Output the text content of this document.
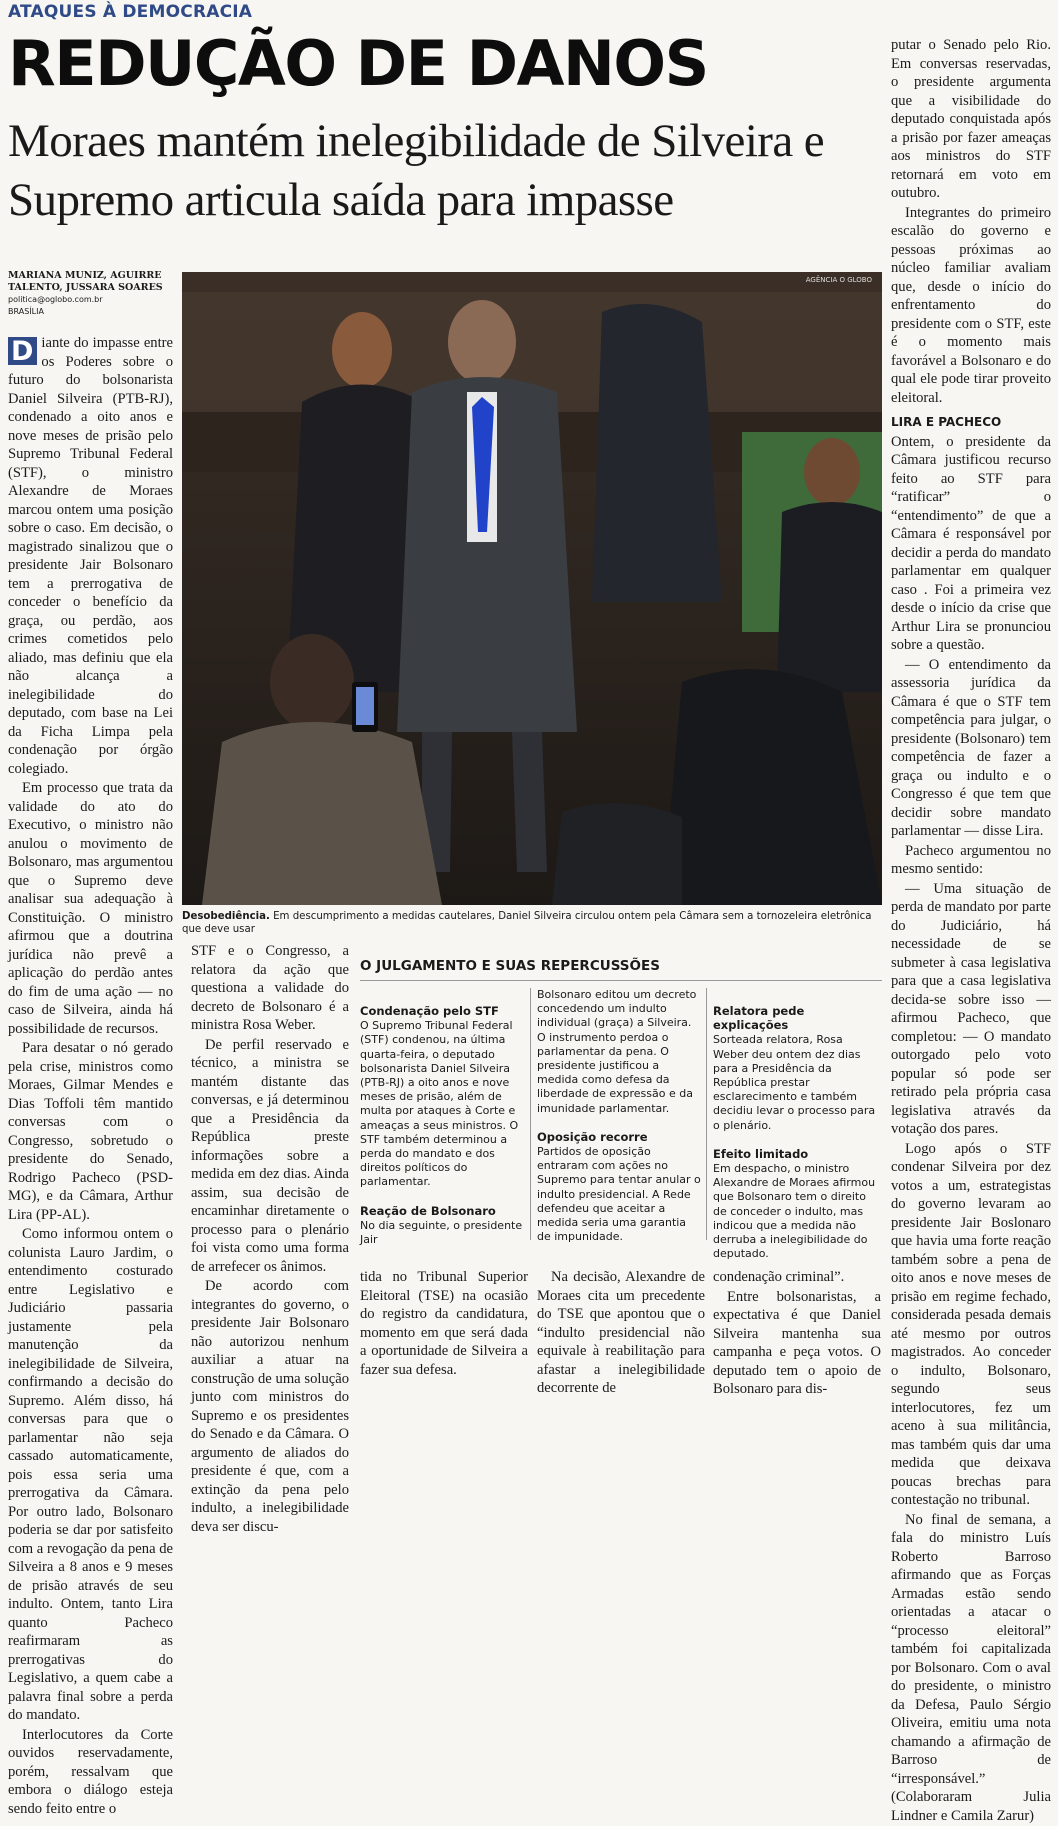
ATAQUES À DEMOCRACIA
REDUÇÃO DE DANOS
Moraes mantém inelegibilidade de Silveira e Supremo articula saída para impasse
MARIANA MUNIZ, AGUIRRE TALENTO, JUSSARA SOARES
politica@oglobo.com.br
BRASÍLIA

D iante do impasse entre os Poderes sobre o futuro do bolsonarista Daniel Silveira (PTB-RJ), condenado a oito anos e nove meses de prisão pelo Supremo Tribunal Federal (STF), o ministro Alexandre de Moraes marcou ontem uma posição sobre o caso. Em decisão, o magistrado sinalizou que o presidente Jair Bolsonaro tem a prerrogativa de conceder o benefício da graça, ou perdão, aos crimes cometidos pelo aliado, mas definiu que ela não alcança a inelegibilidade do deputado, com base na Lei da Ficha Limpa pela condenação por órgão colegiado.

Em processo que trata da validade do ato do Executivo, o ministro não anulou o movimento de Bolsonaro, mas argumentou que o Supremo deve analisar sua adequação à Constituição. O ministro afirmou que a doutrina jurídica não prevê a aplicação do perdão antes do fim de uma ação — no caso de Silveira, ainda há possibilidade de recursos.

Para desatar o nó gerado pela crise, ministros como Moraes, Gilmar Mendes e Dias Toffoli têm mantido conversas com o Congresso, sobretudo o presidente do Senado, Rodrigo Pacheco (PSD-MG), e da Câmara, Arthur Lira (PP-AL).

Como informou ontem o colunista Lauro Jardim, o entendimento costurado entre Legislativo e Judiciário passaria justamente pela manutenção da inelegibilidade de Silveira, confirmando a decisão do Supremo. Além disso, há conversas para que o parlamentar não seja cassado automaticamente, pois essa seria uma prerrogativa da Câmara. Por outro lado, Bolsonaro poderia se dar por satisfeito com a revogação da pena de Silveira a 8 anos e 9 meses de prisão através de seu indulto. Ontem, tanto Lira quanto Pacheco reafirmaram as prerrogativas do Legislativo, a quem cabe a palavra final sobre a perda do mandato.

Interlocutores da Corte ouvidos reservadamente, porém, ressalvam que embora o diálogo esteja sendo feito entre o

AGÊNCIA O GLOBO
Desobediência. Em descumprimento a medidas cautelares, Daniel Silveira circulou ontem pela Câmara sem a tornozeleira eletrônica que deve usar

STF e o Congresso, a relatora da ação que questiona a validade do decreto de Bolsonaro é a ministra Rosa Weber.

De perfil reservado e técnico, a ministra se mantém distante das conversas, e já determinou que a Presidência da República preste informações sobre a medida em dez dias. Ainda assim, sua decisão de encaminhar diretamente o processo para o plenário foi vista como uma forma de arrefecer os ânimos.

De acordo com integrantes do governo, o presidente Jair Bolsonaro não autorizou nenhum auxiliar a atuar na construção de uma solução junto com ministros do Supremo e os presidentes do Senado e da Câmara. O argumento de aliados do presidente é que, com a extinção da pena pelo indulto, a inelegibilidade deva ser discu-

O JULGAMENTO E SUAS REPERCUSSÕES
Condenação pelo STF
O Supremo Tribunal Federal (STF) condenou, na última quarta-feira, o deputado bolsonarista Daniel Silveira (PTB-RJ) a oito anos e nove meses de prisão, além de multa por ataques à Corte e ameaças a seus ministros. O STF também determinou a perda do mandato e dos direitos políticos do parlamentar.
Reação de Bolsonaro
No dia seguinte, o presidente Jair
Bolsonaro editou um decreto concedendo um indulto individual (graça) a Silveira. O instrumento perdoa o parlamentar da pena. O presidente justificou a medida como defesa da liberdade de expressão e da imunidade parlamentar.
Oposição recorre
Partidos de oposição entraram com ações no Supremo para tentar anular o indulto presidencial. A Rede defendeu que aceitar a medida seria uma garantia de impunidade.
Relatora pede explicações
Sorteada relatora, Rosa Weber deu ontem dez dias para a Presidência da República prestar esclarecimento e também decidiu levar o processo para o plenário.
Efeito limitado
Em despacho, o ministro Alexandre de Moraes afirmou que Bolsonaro tem o direito de conceder o indulto, mas indicou que a medida não derruba a inelegibilidade do deputado.

tida no Tribunal Superior Eleitoral (TSE) na ocasião do registro da candidatura, momento em que será dada a oportunidade de Silveira a fazer sua defesa.

Na decisão, Alexandre de Moraes cita um precedente do TSE que apontou que o “indulto presidencial não equivale à reabilitação para afastar a inelegibilidade decorrente de

condenação criminal”.

Entre bolsonaristas, a expectativa é que Daniel Silveira mantenha sua campanha e peça votos. O deputado tem o apoio de Bolsonaro para dis-

putar o Senado pelo Rio. Em conversas reservadas, o presidente argumenta que a visibilidade do deputado conquistada após a prisão por fazer ameaças aos ministros do STF retornará em voto em outubro.

Integrantes do primeiro escalão do governo e pessoas próximas ao núcleo familiar avaliam que, desde o início do enfrentamento do presidente com o STF, este é o momento mais favorável a Bolsonaro e do qual ele pode tirar proveito eleitoral.

LIRA E PACHECO

Ontem, o presidente da Câmara justificou recurso feito ao STF para “ratificar” o “entendimento” de que a Câmara é responsável por decidir a perda do mandato parlamentar em qualquer caso . Foi a primeira vez desde o início da crise que Arthur Lira se pronunciou sobre a questão.

— O entendimento da assessoria jurídica da Câmara é que o STF tem competência para julgar, o presidente (Bolsonaro) tem competência de fazer a graça ou indulto e o Congresso é que tem que decidir sobre mandato parlamentar — disse Lira.

Pacheco argumentou no mesmo sentido:

— Uma situação de perda de mandato por parte do Judiciário, há necessidade de se submeter à casa legislativa para que a casa legislativa decida-se sobre isso — afirmou Pacheco, que completou: — O mandato outorgado pelo voto popular só pode ser retirado pela própria casa legislativa através da votação dos pares.

Logo após o STF condenar Silveira por dez votos a um, estrategistas do governo levaram ao presidente Jair Boslonaro que havia uma forte reação também sobre a pena de oito anos e nove meses de prisão em regime fechado, considerada pesada demais até mesmo por outros magistrados. Ao conceder o indulto, Bolsonaro, segundo seus interlocutores, fez um aceno à sua militância, mas também quis dar uma medida que deixava poucas brechas para contestação no tribunal.

No final de semana, a fala do ministro Luís Roberto Barroso afirmando que as Forças Armadas estão sendo orientadas a atacar o “processo eleitoral” também foi capitalizada por Bolsonaro. Com o aval do presidente, o ministro da Defesa, Paulo Sérgio Oliveira, emitiu uma nota chamando a afirmação de Barroso de “irresponsável.” (Colaboraram Julia Lindner e Camila Zarur)
